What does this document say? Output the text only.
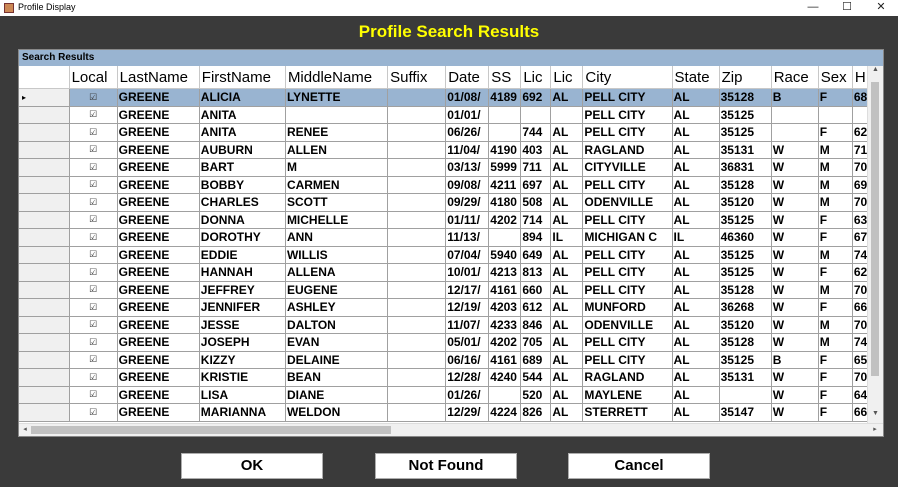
Profile Display	—	☐	✕
Profile Search Results
Search Results
	Local	LastName	FirstName	MiddleName	Suffix	Date	SS	Lic	Lic	City	State	Zip	Race	Sex	H
▸	☑	GREENE	ALICIA	LYNETTE		01/08/	4189	692	AL	PELL CITY	AL	35128	B	F	68
	☑	GREENE	ANITA			01/01/				PELL CITY	AL	35125			
	☑	GREENE	ANITA	RENEE		06/26/		744	AL	PELL CITY	AL	35125		F	62
	☑	GREENE	AUBURN	ALLEN		11/04/	4190	403	AL	RAGLAND	AL	35131	W	M	71
	☑	GREENE	BART	M		03/13/	5999	711	AL	CITYVILLE	AL	36831	W	M	70
	☑	GREENE	BOBBY	CARMEN		09/08/	4211	697	AL	PELL CITY	AL	35128	W	M	69
	☑	GREENE	CHARLES	SCOTT		09/29/	4180	508	AL	ODENVILLE	AL	35120	W	M	70
	☑	GREENE	DONNA	MICHELLE		01/11/	4202	714	AL	PELL CITY	AL	35125	W	F	63
	☑	GREENE	DOROTHY	ANN		11/13/		894	IL	MICHIGAN C	IL	46360	W	F	67
	☑	GREENE	EDDIE	WILLIS		07/04/	5940	649	AL	PELL CITY	AL	35125	W	M	74
	☑	GREENE	HANNAH	ALLENA		10/01/	4213	813	AL	PELL CITY	AL	35125	W	F	62
	☑	GREENE	JEFFREY	EUGENE		12/17/	4161	660	AL	PELL CITY	AL	35128	W	M	70
	☑	GREENE	JENNIFER	ASHLEY		12/19/	4203	612	AL	MUNFORD	AL	36268	W	F	66
	☑	GREENE	JESSE	DALTON		11/07/	4233	846	AL	ODENVILLE	AL	35120	W	M	70
	☑	GREENE	JOSEPH	EVAN		05/01/	4202	705	AL	PELL CITY	AL	35128	W	M	74
	☑	GREENE	KIZZY	DELAINE		06/16/	4161	689	AL	PELL CITY	AL	35125	B	F	65
	☑	GREENE	KRISTIE	BEAN		12/28/	4240	544	AL	RAGLAND	AL	35131	W	F	70
	☑	GREENE	LISA	DIANE		01/26/		520	AL	MAYLENE	AL		W	F	64
	☑	GREENE	MARIANNA	WELDON		12/29/	4224	826	AL	STERRETT	AL	35147	W	F	66
▲
▼
◂	▸
OK	Not Found	Cancel
